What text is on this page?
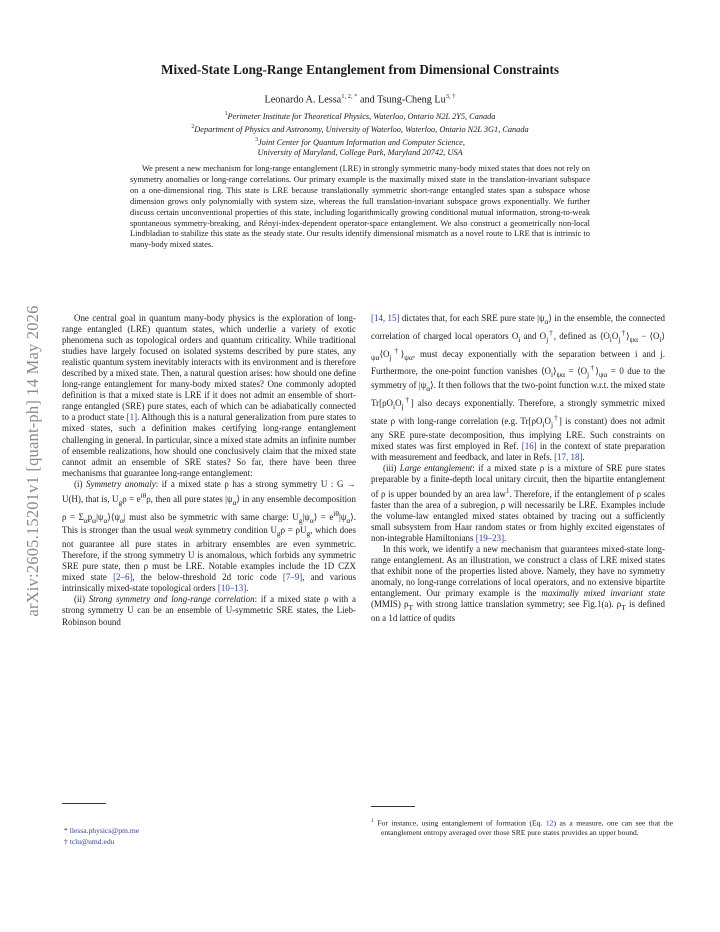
arXiv:2605.15201v1 [quant-ph] 14 May 2026
Mixed-State Long-Range Entanglement from Dimensional Constraints
Leonardo A. Lessa$^{1, 2, *}$ and Tsung-Cheng $Lu^{3, \dagger}$
$^1$Perimeter Institute for Theoretical Physics, Waterloo, Ontario N2L 2Y5, Canada
$^2$Department of Physics and Astronomy, University of Waterloo, Waterloo, Ontario N2L 3G1, Canada
$^3$Joint Center for Quantum Information and Computer Science,
University of Maryland, College Park, Maryland 20742, USA
We present a new mechanism for long-range entanglement (LRE) in strongly symmetric many-body mixed states that does not rely on symmetry anomalies or long-range correlations. Our primary example is the maximally mixed state in the translation-invariant subspace on a one-dimensional ring. This state is LRE because translationally symmetric short-range entangled states span a subspace whose dimension grows only polynomially with system size, whereas the full translation-invariant subspace grows exponentially. We further discuss certain unconventional properties of this state, including logarithmically growing conditional mutual information, strong-to-weak spontaneous symmetry-breaking, and Rényi-index-dependent operator-space entanglement. We also construct a geometrically non-local Lindbladian to stabilize this state as the steady state. Our results identify dimensional mismatch as a novel route to LRE that is intrinsic to many-body mixed states.

One central goal in quantum many-body physics is the exploration of long-range entangled (LRE) quantum states, which underlie a variety of exotic phenomena such as topological orders and quantum criticality. While traditional studies have largely focused on isolated systems described by pure states, any realistic quantum system inevitably interacts with its environment and is therefore described by a mixed state. Then, a natural question arises: how should one define long-range entanglement for many-body mixed states? One commonly adopted definition is that a mixed state is LRE if it does not admit an ensemble of short-range entangled (SRE) pure states, each of which can be adiabatically connected to a product state [1]. Although this is a natural generalization from pure states to mixed states, such a definition makes certifying long-range entanglement challenging in general. In particular, since a mixed state admits an infinite number of ensemble realizations, how should one conclusively claim that the mixed state cannot admit an ensemble of SRE states? So far, there have been three mechanisms that guarantee long-range entanglement:

(i) Symmetry anomaly: if a mixed state ρ has a strong symmetry U : G → U(H), that is, $U_g\rho = e^{i\theta}\rho$, then all pure states $|\psi_\alpha⟩$ in any ensemble decomposition $\rho = \Sigma_\alpha p_\alpha|\psi_\alpha⟩⟨\psi_\alpha|$ must also be symmetric with same charge: $U_g|\psi_\alpha⟩$ = $e^{i\theta}|\psi_\alpha⟩$. This is stronger than the usual weak symmetry condition $U_g\rho = \rho U_g$, which does not guarantee all pure states in arbitrary ensembles are even symmetric. Therefore, if the strong symmetry U is anomalous, which forbids any symmetric SRE pure state, then ρ must be LRE. Notable examples include the 1D CZX mixed state [2–6], the below-threshold 2d toric code [7–9], and various intrinsically mixed-state topological orders [10–13].

(ii) Strong symmetry and long-range correlation: if a mixed state ρ with a strong symmetry U can be an ensemble of U-symmetric SRE states, the Lieb-Robinson bound

[14, 15] dictates that, for each SRE pure state $|\psi_\alpha⟩$ in the ensemble, the connected correlation of charged local operators $O_i$ and $O_j^\dagger$, defined as $⟨O_iO_j^\dagger⟩_{\psi\alpha}$ − $⟨O_i⟩_{\psi\alpha}⟨O_j^\dagger⟩_{\psi\alpha}$, must decay exponentially with the separation between i and j. Furthermore, the one-point function vanishes $⟨O_i⟩_{\psi\alpha}$ = $⟨O_j^\dagger⟩_{\psi\alpha} = 0$ due to the symmetry of $|\psi_\alpha⟩$. It then follows that the two-point function w.r.t. the mixed state $Tr[\rho O_iO_j^\dagger]$ also decays exponentially. Therefore, a strongly symmetric mixed state ρ with long-range correlation (e.g. $Tr[\rho O_iO_j^\dagger]$ is constant) does not admit any SRE pure-state decomposition, thus implying LRE. Such constraints on mixed states was first employed in Ref. [16] in the context of state preparation with measurement and feedback, and later in Refs. [17, 18].

(iii) Large entanglement: if a mixed state ρ is a mixture of SRE pure states preparable by a finite-depth local unitary circuit, then the bipartite entanglement of ρ is upper bounded by an area law$^1$. Therefore, if the entanglement of ρ scales faster than the area of a subregion, ρ will necessarily be LRE. Examples include the volume-law entangled mixed states obtained by tracing out a sufficiently small subsystem from Haar random states or from highly excited eigenstates of non-integrable Hamiltonians [19–23].

In this work, we identify a new mechanism that guarantees mixed-state long-range entanglement. As an illustration, we construct a class of LRE mixed states that exhibit none of the properties listed above. Namely, they have no symmetry anomaly, no long-range correlations of local operators, and no extensive bipartite entanglement. Our primary example is the maximally mixed invariant state (MMIS) $\rho_T$ with strong lattice translation symmetry; see Fig.1(a). $\rho_T$ is defined on a 1d lattice of qudits

* llessa.physics@pm.me
† tclu@umd.edu
$^1$ For instance, using entanglement of formation (Eq. 12) as a measure, one can see that the entanglement entropy averaged over those SRE pure states provides an upper bound.
